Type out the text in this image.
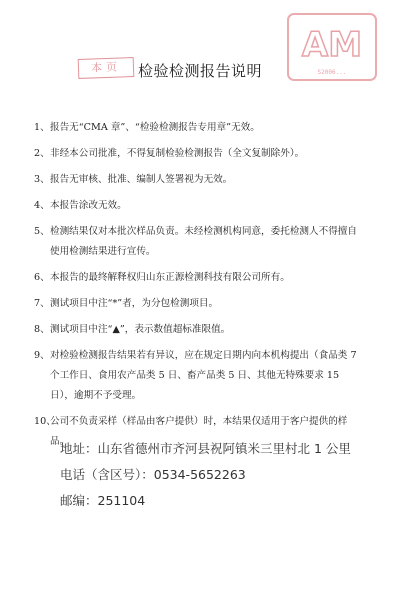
本页
AM
S2006...
检验检测报告说明
1、 报告无“CMA 章”、“检验检测报告专用章”无效。
2、 非经本公司批准，不得复制检验检测报告（全文复制除外）。
3、 报告无审核、批准、编制人签署视为无效。
4、 本报告涂改无效。
5、 检测结果仅对本批次样品负责。未经检测机构同意，委托检测人不得擅自使用检测结果进行宣传。
6、 本报告的最终解释权归山东正源检测科技有限公司所有。
7、 测试项目中注“*”者，为分包检测项目。
8、 测试项目中注“▲”，表示数值超标准限值。
9、 对检验检测报告结果若有异议，应在规定日期内向本机构提出（食品类 7 个工作日、食用农产品类 5 日、畜产品类 5 日、其他无特殊要求 15 日），逾期不予受理。
10、
公司不负责采样（样品由客户提供）时，本结果仅适用于客户提供的样品。
地址：山东省德州市齐河县祝阿镇米三里村北 1 公里
电话（含区号）：0534-5652263
邮编：251104
